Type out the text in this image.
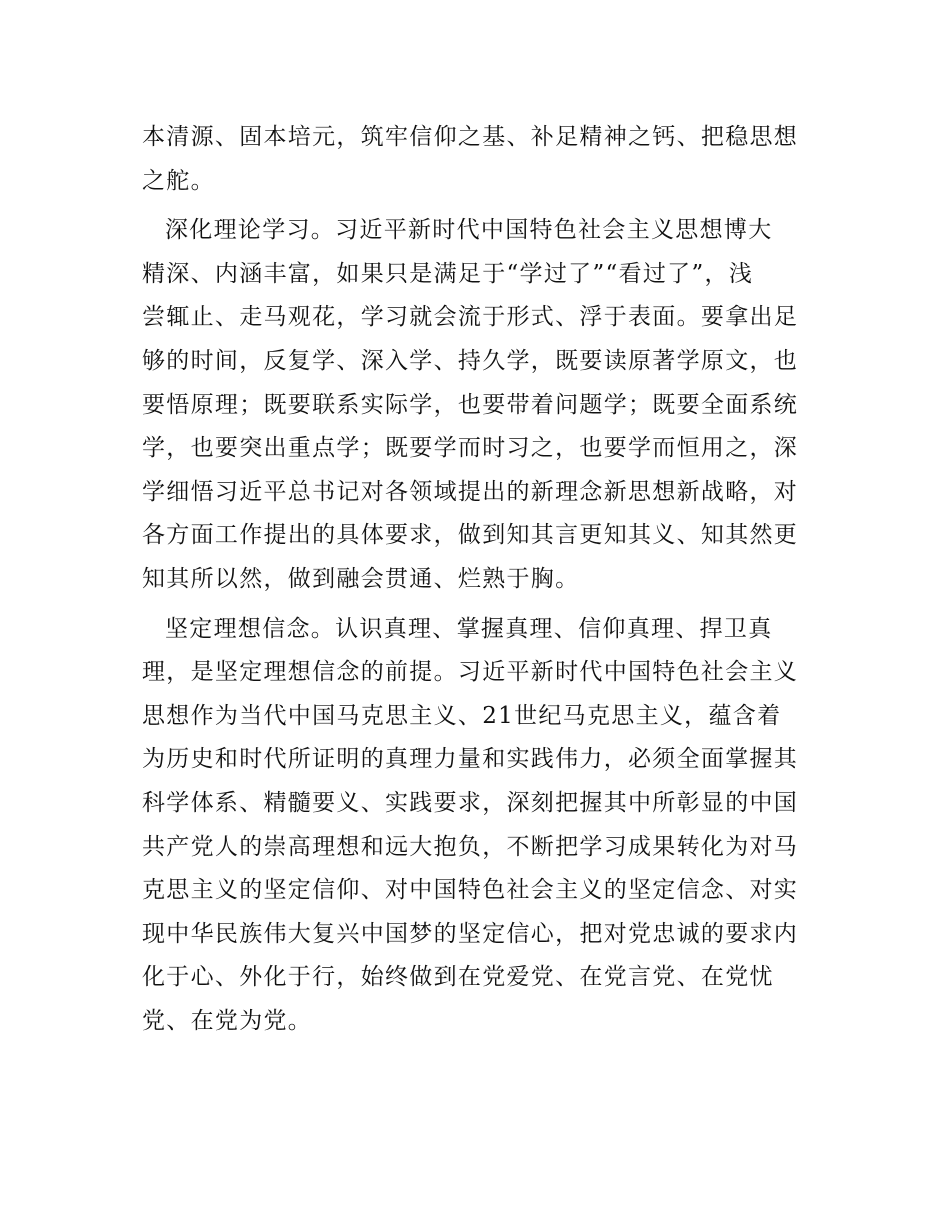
本清源、固本培元，筑牢信仰之基、补足精神之钙、把稳思想
之舵。

深化理论学习。习近平新时代中国特色社会主义思想博大
精深、内涵丰富，如果只是满足于“学过了”“看过了”，浅
尝辄止、走马观花，学习就会流于形式、浮于表面。要拿出足
够的时间，反复学、深入学、持久学，既要读原著学原文，也
要悟原理；既要联系实际学，也要带着问题学；既要全面系统
学，也要突出重点学；既要学而时习之，也要学而恒用之，深
学细悟习近平总书记对各领域提出的新理念新思想新战略，对
各方面工作提出的具体要求，做到知其言更知其义、知其然更
知其所以然，做到融会贯通、烂熟于胸。

坚定理想信念。认识真理、掌握真理、信仰真理、捍卫真
理，是坚定理想信念的前提。习近平新时代中国特色社会主义
思想作为当代中国马克思主义、21世纪马克思主义，蕴含着
为历史和时代所证明的真理力量和实践伟力，必须全面掌握其
科学体系、精髓要义、实践要求，深刻把握其中所彰显的中国
共产党人的崇高理想和远大抱负，不断把学习成果转化为对马
克思主义的坚定信仰、对中国特色社会主义的坚定信念、对实
现中华民族伟大复兴中国梦的坚定信心，把对党忠诚的要求内
化于心、外化于行，始终做到在党爱党、在党言党、在党忧
党、在党为党。
